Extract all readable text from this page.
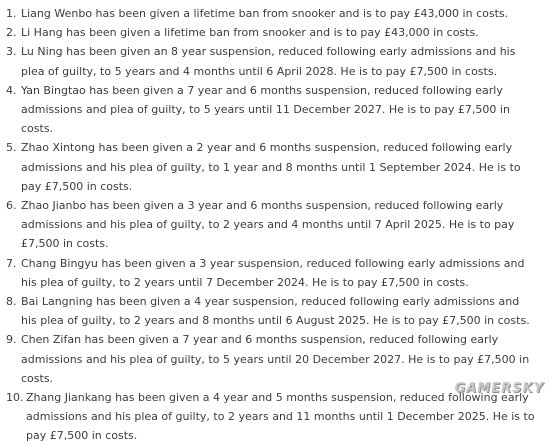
1. Liang Wenbo has been given a lifetime ban from snooker and is to pay £43,000 in costs.
2. Li Hang has been given a lifetime ban from snooker and is to pay £43,000 in costs.
3. Lu Ning has been given an 8 year suspension, reduced following early admissions and his plea of guilty, to 5 years and 4 months until 6 April 2028. He is to pay £7,500 in costs.
4. Yan Bingtao has been given a 7 year and 6 months suspension, reduced following early admissions and plea of guilty, to 5 years until 11 December 2027. He is to pay £7,500 in costs.
5. Zhao Xintong has been given a 2 year and 6 months suspension, reduced following early admissions and his plea of guilty, to 1 year and 8 months until 1 September 2024. He is to pay £7,500 in costs.
6. Zhao Jianbo has been given a 3 year and 6 months suspension, reduced following early admissions and his plea of guilty, to 2 years and 4 months until 7 April 2025. He is to pay £7,500 in costs.
7. Chang Bingyu has been given a 3 year suspension, reduced following early admissions and his plea of guilty, to 2 years until 7 December 2024. He is to pay £7,500 in costs.
8. Bai Langning has been given a 4 year suspension, reduced following early admissions and his plea of guilty, to 2 years and 8 months until 6 August 2025. He is to pay £7,500 in costs.
9. Chen Zifan has been given a 7 year and 6 months suspension, reduced following early admissions and his plea of guilty, to 5 years until 20 December 2027. He is to pay £7,500 in costs.
10. Zhang Jiankang has been given a 4 year and 5 months suspension, reduced following early admissions and his plea of guilty, to 2 years and 11 months until 1 December 2025. He is to pay £7,500 in costs.
GAMERSKY
